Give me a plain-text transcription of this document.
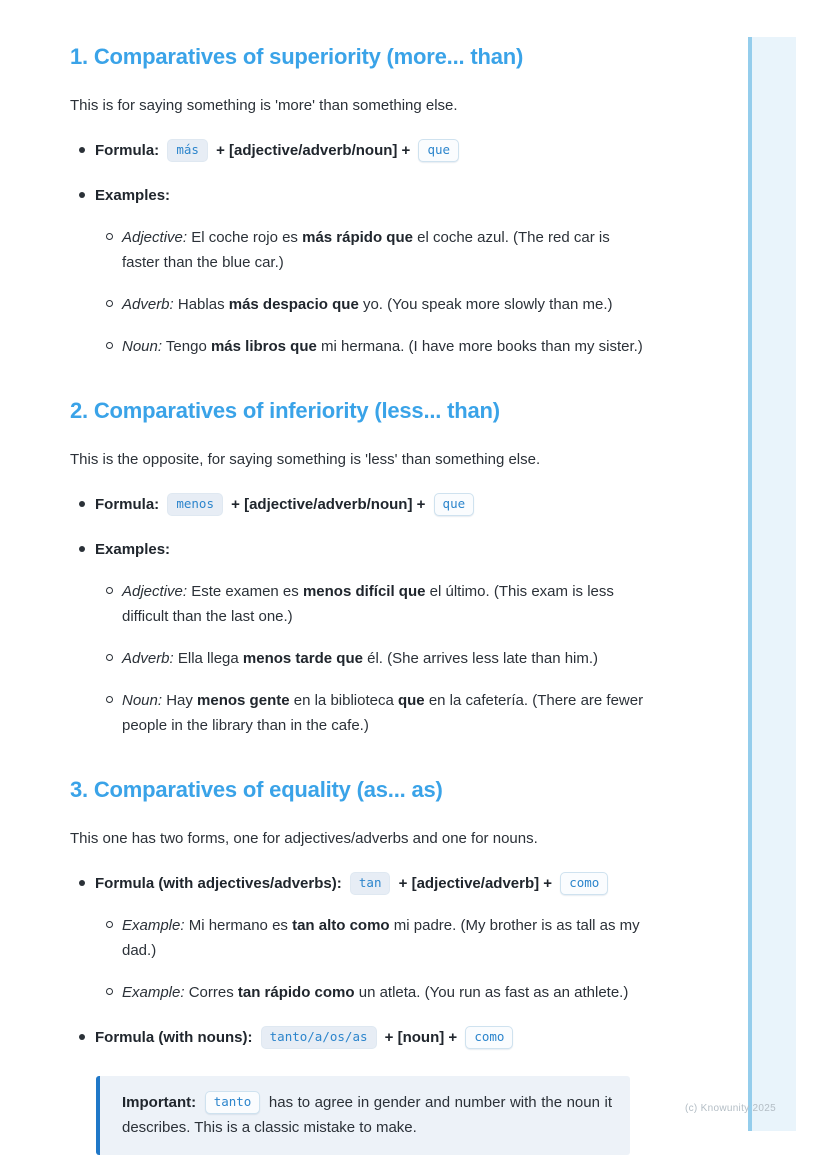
1. Comparatives of superiority (more... than)

This is for saying something is 'more' than something else.

Formula: más + [adjective/adverb/noun] + que
Examples:
Adjective: El coche rojo es más rápido que el coche azul. (The red car is faster than the blue car.)
Adverb: Hablas más despacio que yo. (You speak more slowly than me.)
Noun: Tengo más libros que mi hermana. (I have more books than my sister.)
2. Comparatives of inferiority (less... than)

This is the opposite, for saying something is 'less' than something else.

Formula: menos + [adjective/adverb/noun] + que
Examples:
Adjective: Este examen es menos difícil que el último. (This exam is less difficult than the last one.)
Adverb: Ella llega menos tarde que él. (She arrives less late than him.)
Noun: Hay menos gente en la biblioteca que en la cafetería. (There are fewer people in the library than in the cafe.)
3. Comparatives of equality (as... as)

This one has two forms, one for adjectives/adverbs and one for nouns.

Formula (with adjectives/adverbs): tan + [adjective/adverb] + como
Example: Mi hermano es tan alto como mi padre. (My brother is as tall as my dad.)
Example: Corres tan rápido como un atleta. (You run as fast as an athlete.)
Formula (with nouns): tanto/a/os/as + [noun] + como
Important: tanto has to agree in gender and number with the noun it describes. This is a classic mistake to make.
(c) Knowunity 2025
